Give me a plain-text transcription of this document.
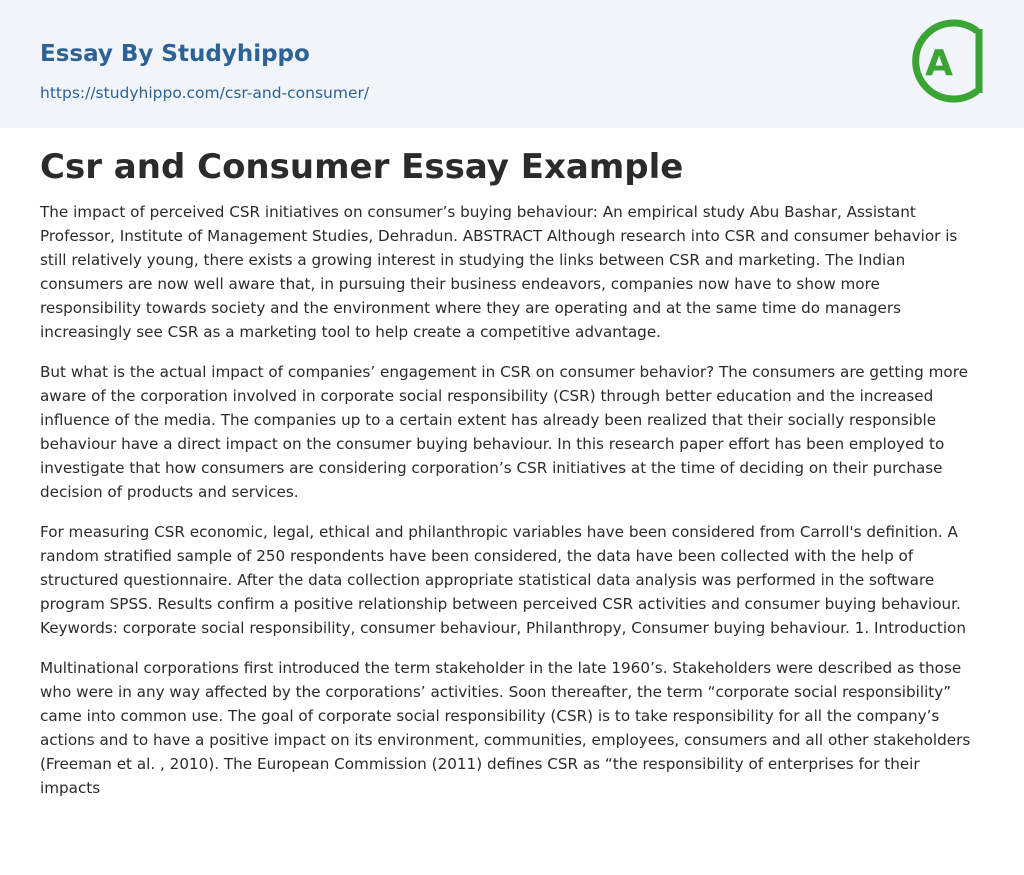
Essay By Studyhippo
https://studyhippo.com/csr-and-consumer/
A
Csr and Consumer Essay Example

The impact of perceived CSR initiatives on consumer’s buying behaviour: An empirical study Abu Bashar, Assistant Professor, Institute of Management Studies, Dehradun. ABSTRACT Although research into CSR and consumer behavior is still relatively young, there exists a growing interest in studying the links between CSR and marketing. The Indian consumers are now well aware that, in pursuing their business endeavors, companies now have to show more responsibility towards society and the environment where they are operating and at the same time do managers increasingly see CSR as a marketing tool to help create a competitive advantage.

But what is the actual impact of companies’ engagement in CSR on consumer behavior? The consumers are getting more aware of the corporation involved in corporate social responsibility (CSR) through better education and the increased influence of the media. The companies up to a certain extent has already been realized that their socially responsible behaviour have a direct impact on the consumer buying behaviour. In this research paper effort has been employed to investigate that how consumers are considering corporation’s CSR initiatives at the time of deciding on their purchase decision of products and services.

For measuring CSR economic, legal, ethical and philanthropic variables have been considered from Carroll's definition. A random stratified sample of 250 respondents have been considered, the data have been collected with the help of structured questionnaire. After the data collection appropriate statistical data analysis was performed in the software program SPSS. Results confirm a positive relationship between perceived CSR activities and consumer buying behaviour. Keywords: corporate social responsibility, consumer behaviour, Philanthropy, Consumer buying behaviour. 1. Introduction

Multinational corporations first introduced the term stakeholder in the late 1960’s. Stakeholders were described as those who were in any way affected by the corporations’ activities. Soon thereafter, the term “corporate social responsibility” came into common use. The goal of corporate social responsibility (CSR) is to take responsibility for all the company’s actions and to have a positive impact on its environment, communities, employees, consumers and all other stakeholders (Freeman et al. , 2010). The European Commission (2011) defines CSR as “the responsibility of enterprises for their impacts
